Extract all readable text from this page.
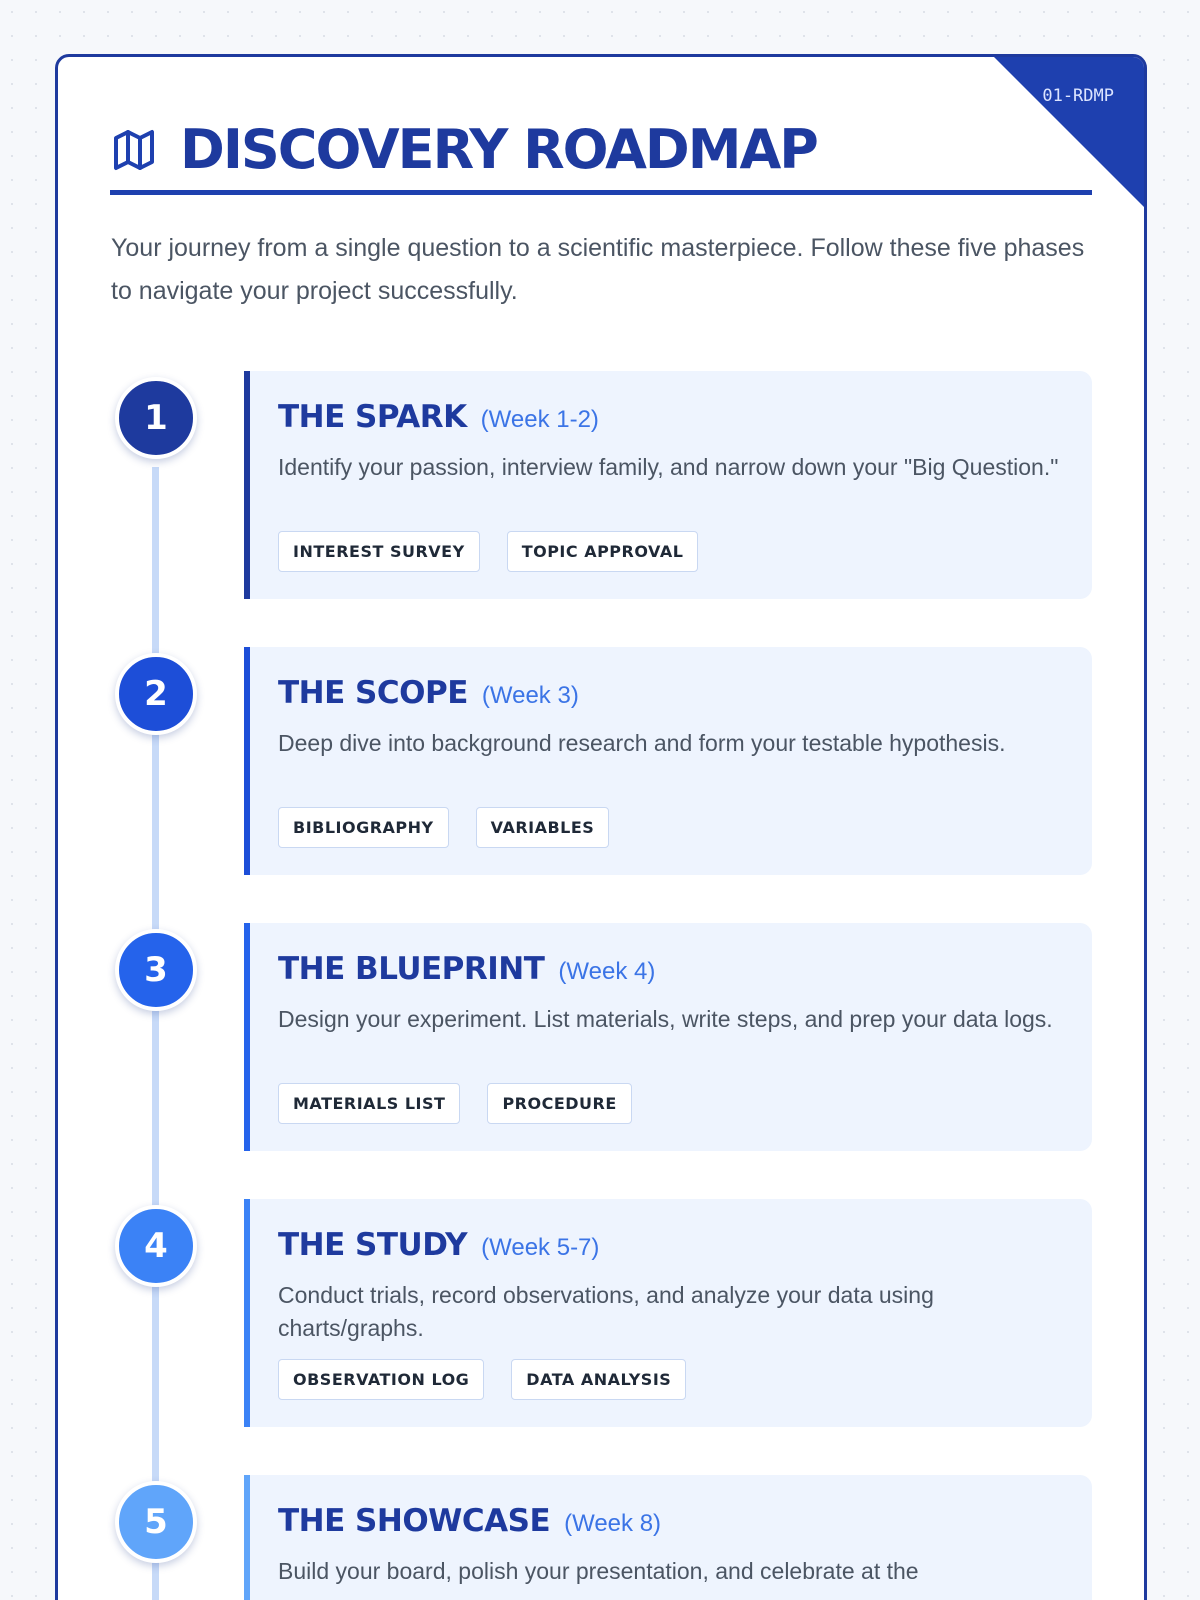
01-RDMP
DISCOVERY ROADMAP

Your journey from a single question to a scientific masterpiece. Follow these five phases to navigate your project successfully.

1	THE SPARK (Week 1-2)

Identify your passion, interview family, and narrow down your "Big Question."

INTEREST SURVEY	TOPIC APPROVAL
2	THE SCOPE (Week 3)

Deep dive into background research and form your testable hypothesis.

BIBLIOGRAPHY	VARIABLES
3	THE BLUEPRINT (Week 4)

Design your experiment. List materials, write steps, and prep your data logs.

MATERIALS LIST	PROCEDURE
4	THE STUDY (Week 5-7)

Conduct trials, record observations, and analyze your data using charts/graphs.

OBSERVATION LOG	DATA ANALYSIS
5	THE SHOWCASE (Week 8)

Build your board, polish your presentation, and celebrate at the
